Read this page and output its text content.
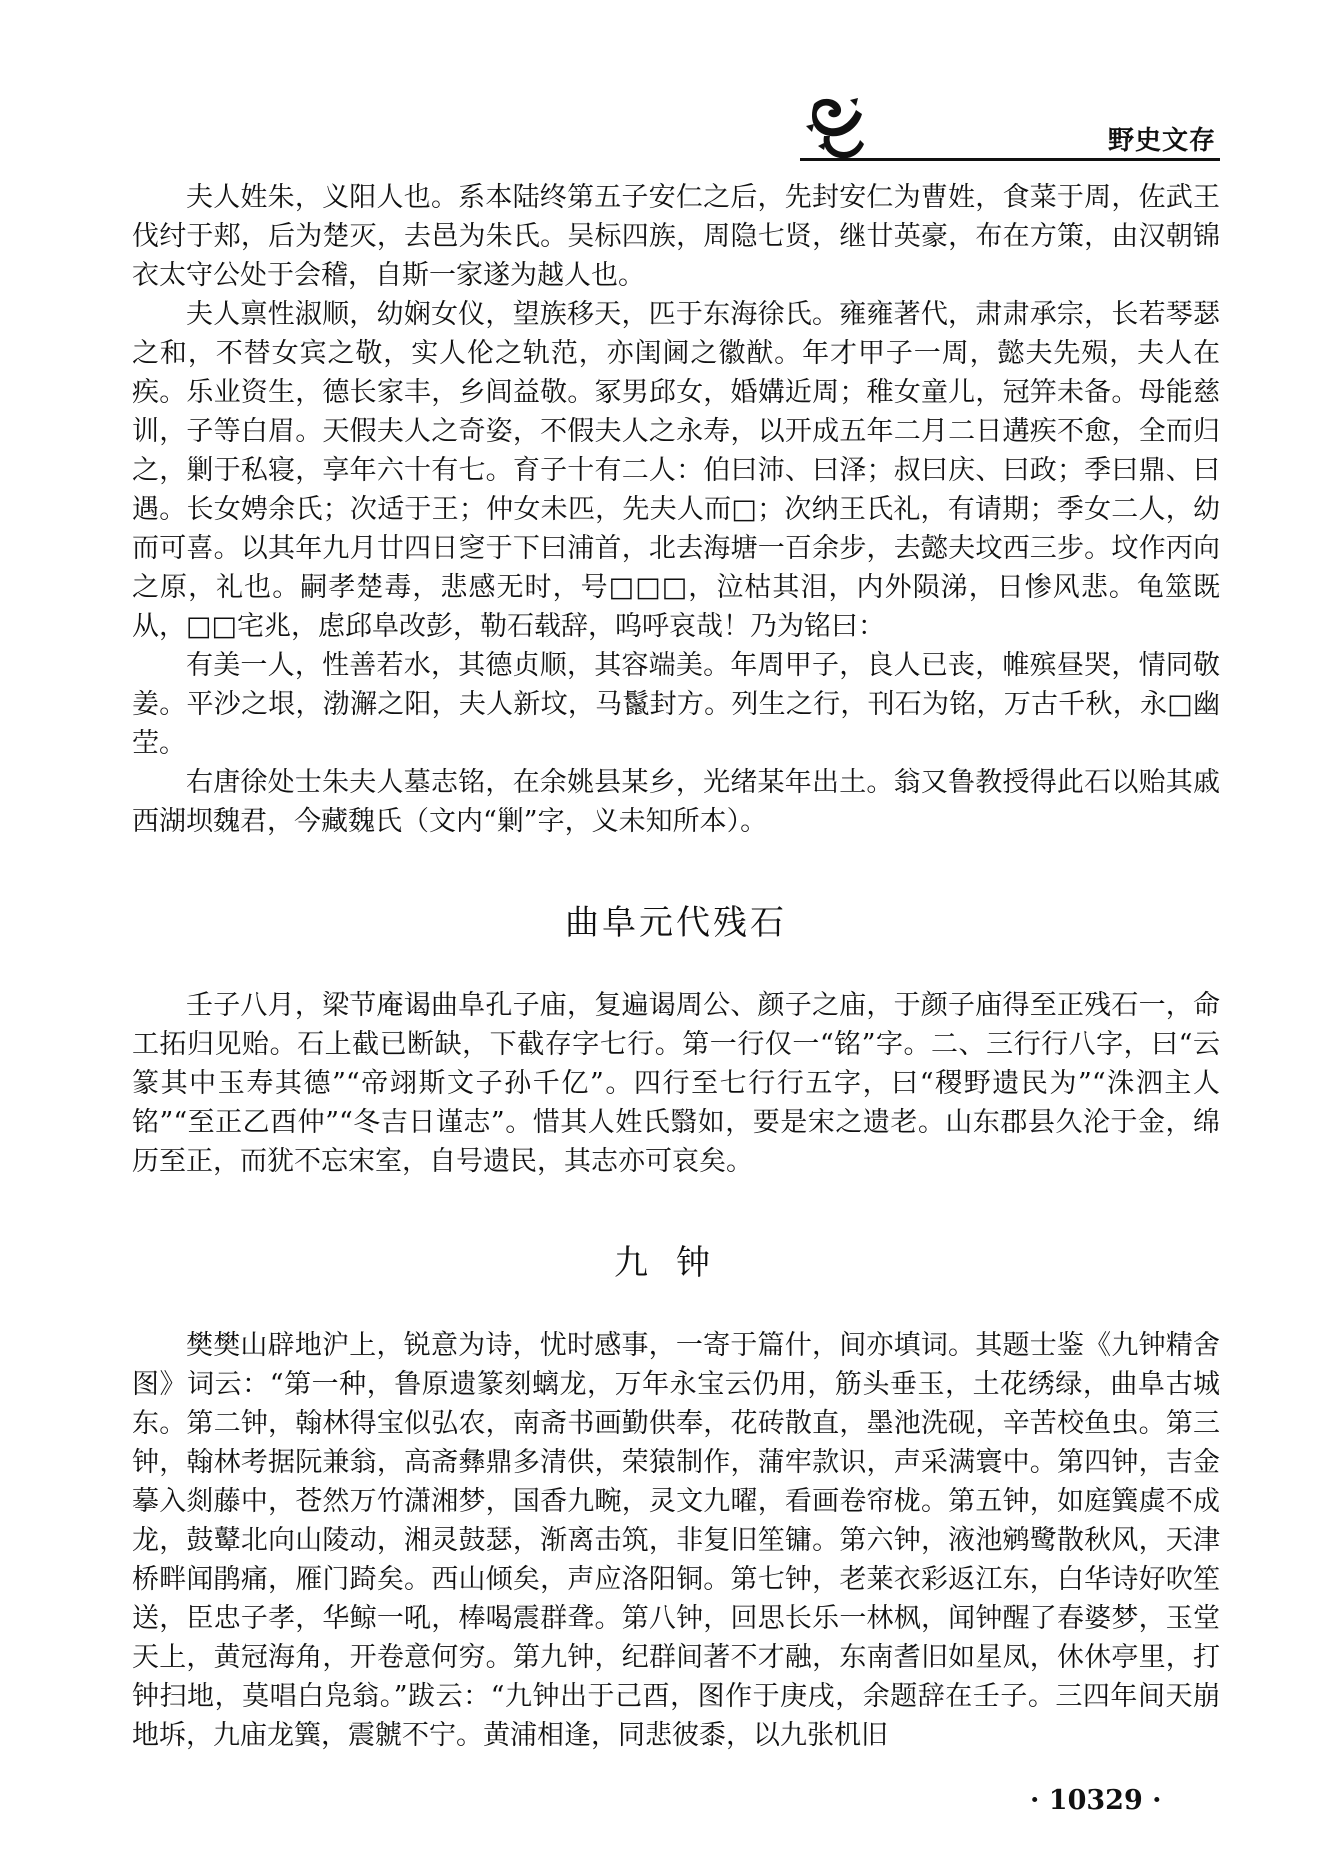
野史文存

夫人姓朱，义阳人也。系本陆终第五子安仁之后，先封安仁为曹姓，食菜于周，佐武王伐纣于郏，后为楚灭，去邑为朱氏。吴标四族，周隐七贤，继廿英豪，布在方策，由汉朝锦衣太守公处于会稽，自斯一家遂为越人也。

夫人禀性淑顺，幼娴女仪，望族移天，匹于东海徐氏。雍雍著代，肃肃承宗，长若琴瑟之和，不替女宾之敬，实人伦之轨范，亦闺阃之徽猷。年才甲子一周，懿夫先殒，夫人在疾。乐业资生，德长家丰，乡闾益敬。冢男邱女，婚媾近周；稚女童儿，冠笄未备。母能慈训，子等白眉。天假夫人之奇姿，不假夫人之永寿，以开成五年二月二日遘疾不愈，全而归之，剿于私寝，享年六十有七。育子十有二人：伯曰沛、曰泽；叔曰庆、曰政；季曰鼎、曰遇。长女娉余氏；次适于王；仲女未匹，先夫人而□；次纳王氏礼，有请期；季女二人，幼而可喜。以其年九月廿四日窆于下曰浦首，北去海塘一百余步，去懿夫坟西三步。坟作丙向之原，礼也。嗣孝楚毒，悲感无时，号□□□，泣枯其泪，内外陨涕，日惨风悲。龟筮既从，□□宅兆，虑邱阜改彭，勒石载辞，呜呼哀哉！乃为铭曰：

有美一人，性善若水，其德贞顺，其容端美。年周甲子，良人已丧，帷殡昼哭，情同敬姜。平沙之垠，渤澥之阳，夫人新坟，马鬣封方。列生之行，刊石为铭，万古千秋，永□幽茔。

右唐徐处士朱夫人墓志铭，在余姚县某乡，光绪某年出土。翁又鲁教授得此石以贻其戚西湖坝魏君，今藏魏氏（文内“剿”字，义未知所本）。

曲阜元代残石

壬子八月，梁节庵谒曲阜孔子庙，复遍谒周公、颜子之庙，于颜子庙得至正残石一，命工拓归见贻。石上截已断缺，下截存字七行。第一行仅一“铭”字。二、三行行八字，曰“云篆其中玉寿其德”“帝翊斯文子孙千亿”。四行至七行行五字，曰“稷野遗民为”“洙泗主人铭”“至正乙酉仲”“冬吉日谨志”。惜其人姓氏翳如，要是宋之遗老。山东郡县久沦于金，绵历至正，而犹不忘宋室，自号遗民，其志亦可哀矣。

九钟

樊樊山辟地沪上，锐意为诗，忧时感事，一寄于篇什，间亦填词。其题士鉴《九钟精舍图》词云：“第一种，鲁原遗篆刻螭龙，万年永宝云仍用，筋头垂玉，土花绣绿，曲阜古城东。第二钟，翰林得宝似弘农，南斋书画勤供奉，花砖散直，墨池洗砚，辛苦校鱼虫。第三钟，翰林考据阮兼翁，高斋彝鼎多清供，荣猿制作，蒲牢款识，声采满寰中。第四钟，吉金摹入剡藤中，苍然万竹潇湘梦，国香九畹，灵文九曜，看画卷帘栊。第五钟，如庭簨虡不成龙，鼓鼙北向山陵动，湘灵鼓瑟，渐离击筑，非复旧笙镛。第六钟，液池鹓鹭散秋风，天津桥畔闻鹃痛，雁门踦矣。西山倾矣，声应洛阳铜。第七钟，老莱衣彩返江东，白华诗好吹笙送，臣忠子孝，华鲸一吼，棒喝震群聋。第八钟，回思长乐一林枫，闻钟醒了春婆梦，玉堂天上，黄冠海角，开卷意何穷。第九钟，纪群间著不才融，东南耆旧如星凤，休休亭里，打钟扫地，莫唱白凫翁。”跋云：“九钟出于己酉，图作于庚戌，余题辞在壬子。三四年间天崩地坼，九庙龙簨，震虩不宁。黄浦相逢，同悲彼黍，以九张机旧

· 10329 ·
